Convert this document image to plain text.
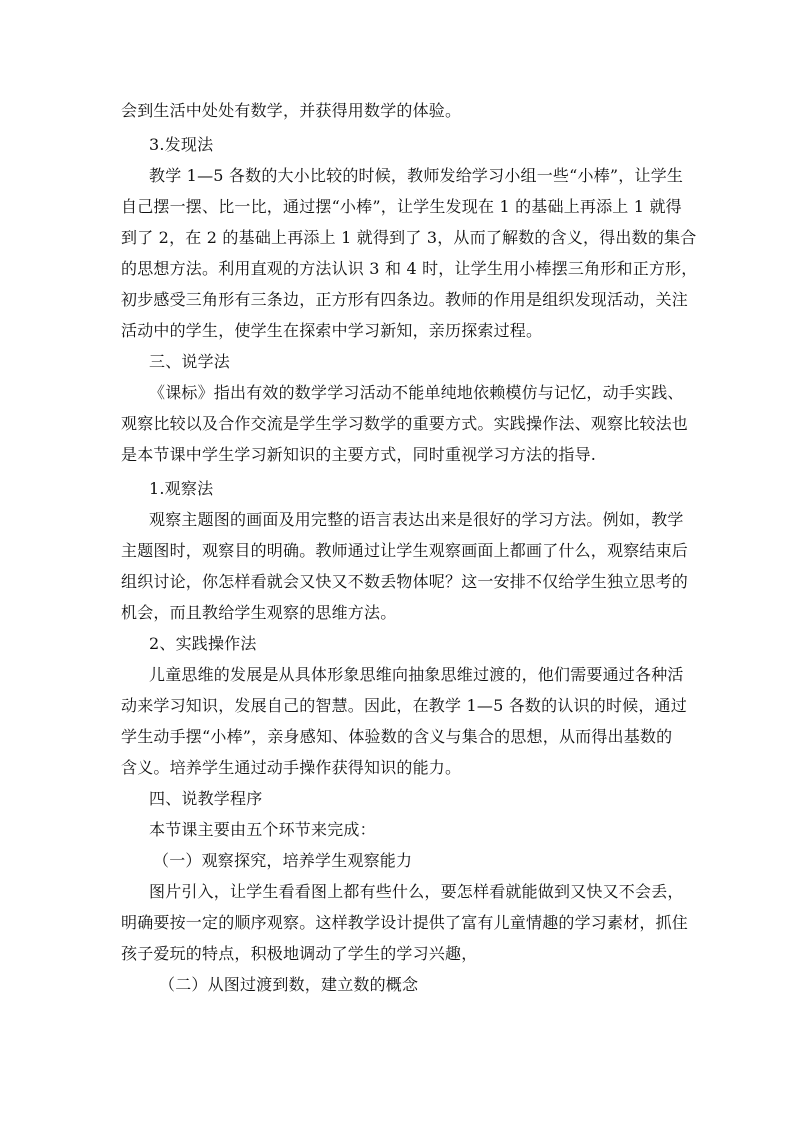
会到生活中处处有数学，并获得用数学的体验。
3.发现法
教学 1—5 各数的大小比较的时候，教师发给学习小组一些“小棒”，让学生
自己摆一摆、比一比，通过摆“小棒”，让学生发现在 1 的基础上再添上 1 就得
到了 2，在 2 的基础上再添上 1 就得到了 3，从而了解数的含义，得出数的集合
的思想方法。利用直观的方法认识 3 和 4 时，让学生用小棒摆三角形和正方形，
初步感受三角形有三条边，正方形有四条边。教师的作用是组织发现活动，关注
活动中的学生，使学生在探索中学习新知，亲历探索过程。
三、说学法
《课标》指出有效的数学学习活动不能单纯地依赖模仿与记忆，动手实践、
观察比较以及合作交流是学生学习数学的重要方式。实践操作法、观察比较法也
是本节课中学生学习新知识的主要方式，同时重视学习方法的指导.
1.观察法
观察主题图的画面及用完整的语言表达出来是很好的学习方法。例如，教学
主题图时，观察目的明确。教师通过让学生观察画面上都画了什么，观察结束后
组织讨论，你怎样看就会又快又不数丢物体呢？这一安排不仅给学生独立思考的
机会，而且教给学生观察的思维方法。
2、实践操作法
儿童思维的发展是从具体形象思维向抽象思维过渡的，他们需要通过各种活
动来学习知识，发展自己的智慧。因此，在教学 1—5 各数的认识的时候，通过
学生动手摆“小棒”，亲身感知、体验数的含义与集合的思想，从而得出基数的
含义。培养学生通过动手操作获得知识的能力。
四、说教学程序
本节课主要由五个环节来完成：
（一）观察探究，培养学生观察能力
图片引入，让学生看看图上都有些什么，要怎样看就能做到又快又不会丢，
明确要按一定的顺序观察。这样教学设计提供了富有儿童情趣的学习素材，抓住
孩子爱玩的特点，积极地调动了学生的学习兴趣，
（二）从图过渡到数，建立数的概念
